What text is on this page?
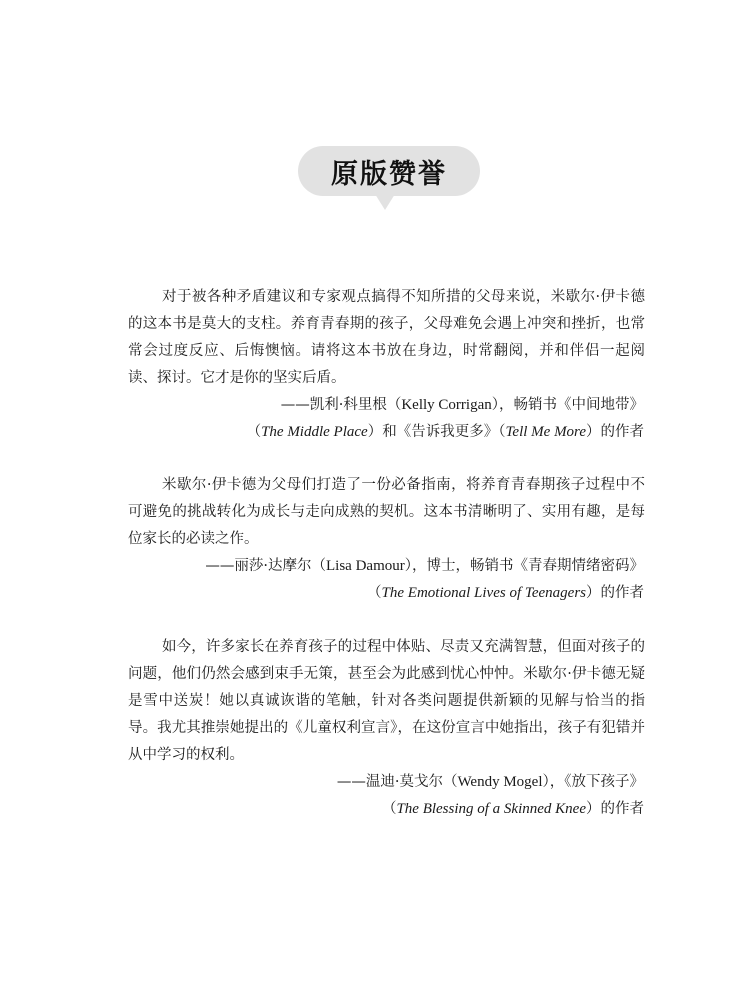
原版赞誉

对于被各种矛盾建议和专家观点搞得不知所措的父母来说，米歇尔·伊卡德的这本书是莫大的支柱。养育青春期的孩子，父母难免会遇上冲突和挫折，也常常会过度反应、后悔懊恼。请将这本书放在身边，时常翻阅，并和伴侣一起阅读、探讨。它才是你的坚实后盾。

——凯利·科里根（Kelly Corrigan），畅销书《中间地带》
（The Middle Place）和《告诉我更多》（Tell Me More）的作者

米歇尔·伊卡德为父母们打造了一份必备指南，将养育青春期孩子过程中不可避免的挑战转化为成长与走向成熟的契机。这本书清晰明了、实用有趣，是每位家长的必读之作。

——丽莎·达摩尔（Lisa Damour），博士，畅销书《青春期情绪密码》
（The Emotional Lives of Teenagers）的作者

如今，许多家长在养育孩子的过程中体贴、尽责又充满智慧，但面对孩子的问题，他们仍然会感到束手无策，甚至会为此感到忧心忡忡。米歇尔·伊卡德无疑是雪中送炭！她以真诚诙谐的笔触，针对各类问题提供新颖的见解与恰当的指导。我尤其推崇她提出的《儿童权利宣言》，在这份宣言中她指出，孩子有犯错并从中学习的权利。

——温迪·莫戈尔（Wendy Mogel），《放下孩子》
（The Blessing of a Skinned Knee）的作者
